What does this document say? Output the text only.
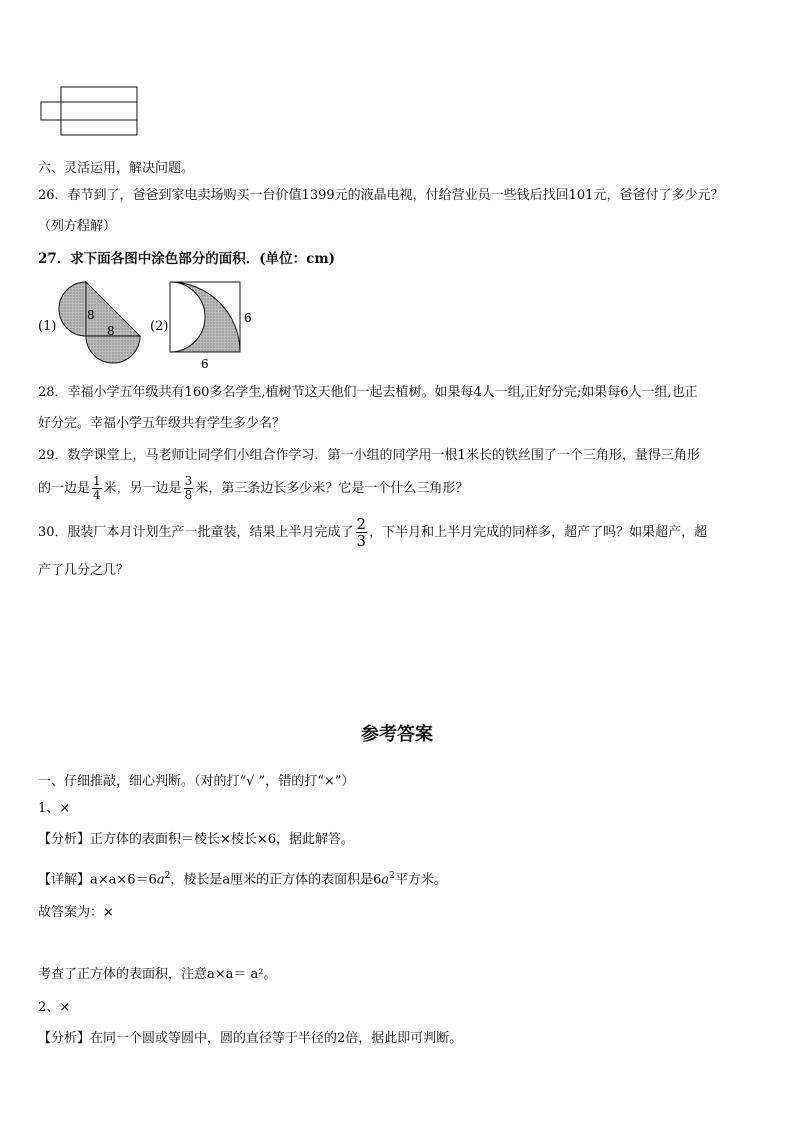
六、灵活运用，解决问题。
26．春节到了，爸爸到家电卖场购买一台价值1399元的液晶电视，付给营业员一些钱后找回101元，爸爸付了多少元？
（列方程解）
27．求下面各图中涂色部分的面积．(单位：cm)
(1)
8
8	(2)
6
6
28．幸福小学五年级共有160多名学生,植树节这天他们一起去植树。如果每4人一组,正好分完;如果每6人一组,也正
好分完。幸福小学五年级共有学生多少名？
29．数学课堂上，马老师让同学们小组合作学习．第一小组的同学用一根1米长的铁丝围了一个三角形，量得三角形
的一边是 $\frac{1}{4}$ 米，另一边是 $\frac{3}{8}$ 米，第三条边长多少米？它是一个什么三角形？
30．服装厂本月计划生产一批童装，结果上半月完成了 $\frac{2}{3}$ ，下半月和上半月完成的同样多，超产了吗？如果超产，超
产了几分之几？
参考答案
一、仔细推敲，细心判断。（对的打“√ ”，错的打“×”）
1、×
【分析】正方体的表面积＝棱长×棱长×6，据此解答。
【详解】$a\times a\times 6=6a^2$，棱长是a厘米的正方体的表面积是$6a^2$平方米。
故答案为：×
考查了正方体的表面积，注意a×a＝ a²。
2、×
【分析】在同一个圆或等圆中，圆的直径等于半径的2倍，据此即可判断。
